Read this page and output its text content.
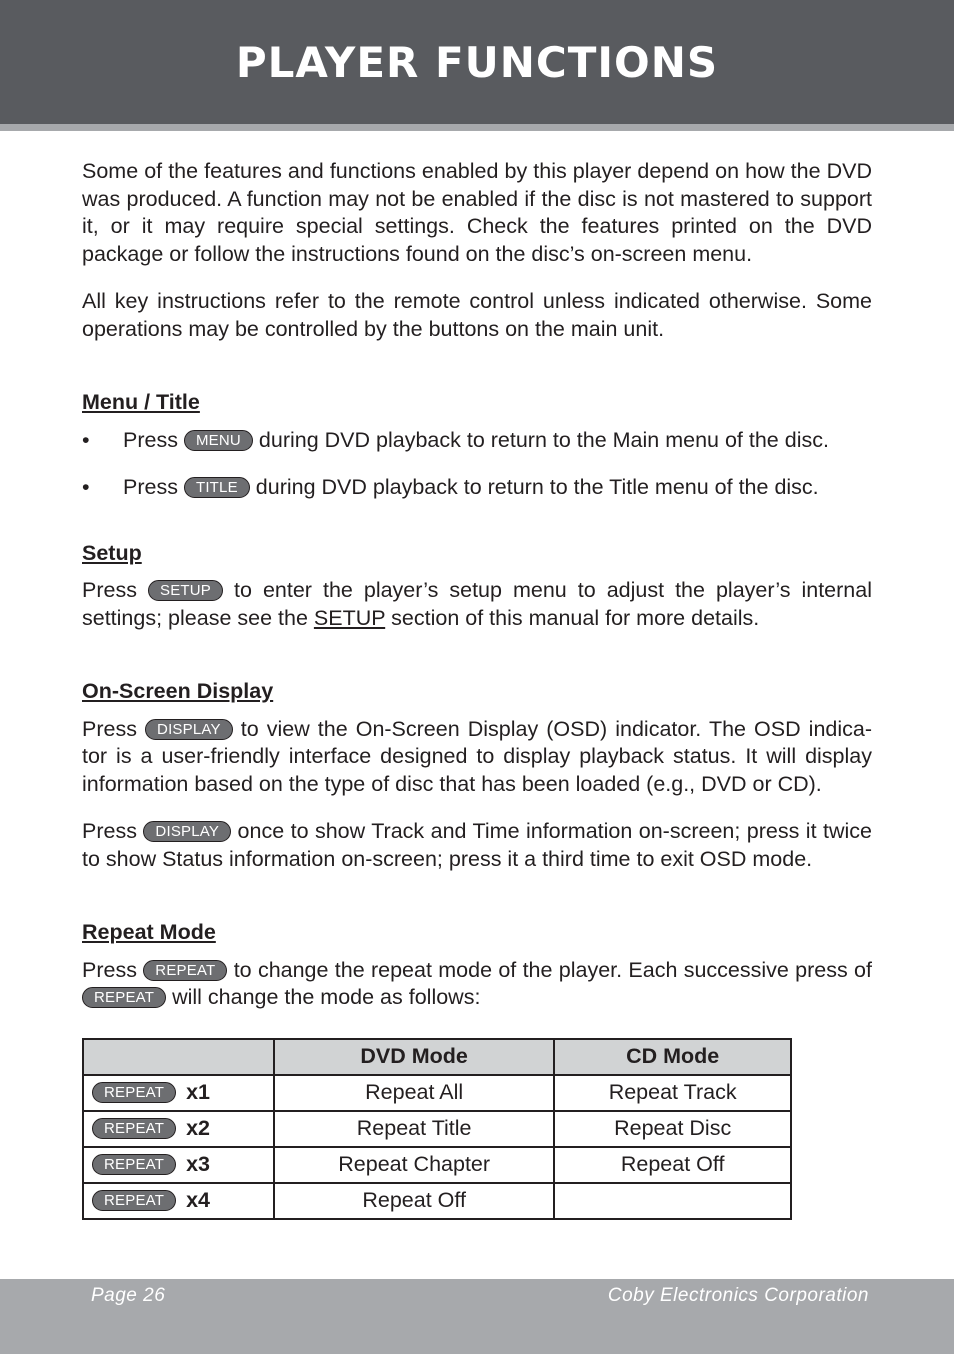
PLAYER FUNCTIONS

Some of the features and functions enabled by this player depend on how the DVD was produced. A function may not be enabled if the disc is not mastered to support it, or it may require special settings. Check the features printed on the DVD package or follow the instructions found on the disc’s on-screen menu.

All key instructions refer to the remote control unless indicated otherwise. Some operations may be controlled by the buttons on the main unit.

Menu / Title
•	Press MENU during DVD playback to return to the Main menu of the disc.
•	Press TITLE during DVD playback to return to the Title menu of the disc.
Setup

Press SETUP to enter the player’s setup menu to adjust the player’s internal settings; please see the SETUP section of this manual for more details.

On-Screen Display

Press DISPLAY to view the On-Screen Display (OSD) indicator. The OSD indica-tor is a user-friendly interface designed to display playback status. It will display information based on the type of disc that has been loaded (e.g., DVD or CD).

Press DISPLAY once to show Track and Time information on-screen; press it twice to show Status information on-screen; press it a third time to exit OSD mode.

Repeat Mode

Press REPEAT to change the repeat mode of the player. Each successive press of REPEAT will change the mode as follows:

	DVD Mode	CD Mode
REPEAT x1	Repeat All	Repeat Track
REPEAT x2	Repeat Title	Repeat Disc
REPEAT x3	Repeat Chapter	Repeat Off
REPEAT x4	Repeat Off	
Page 26	Coby Electronics Corporation
